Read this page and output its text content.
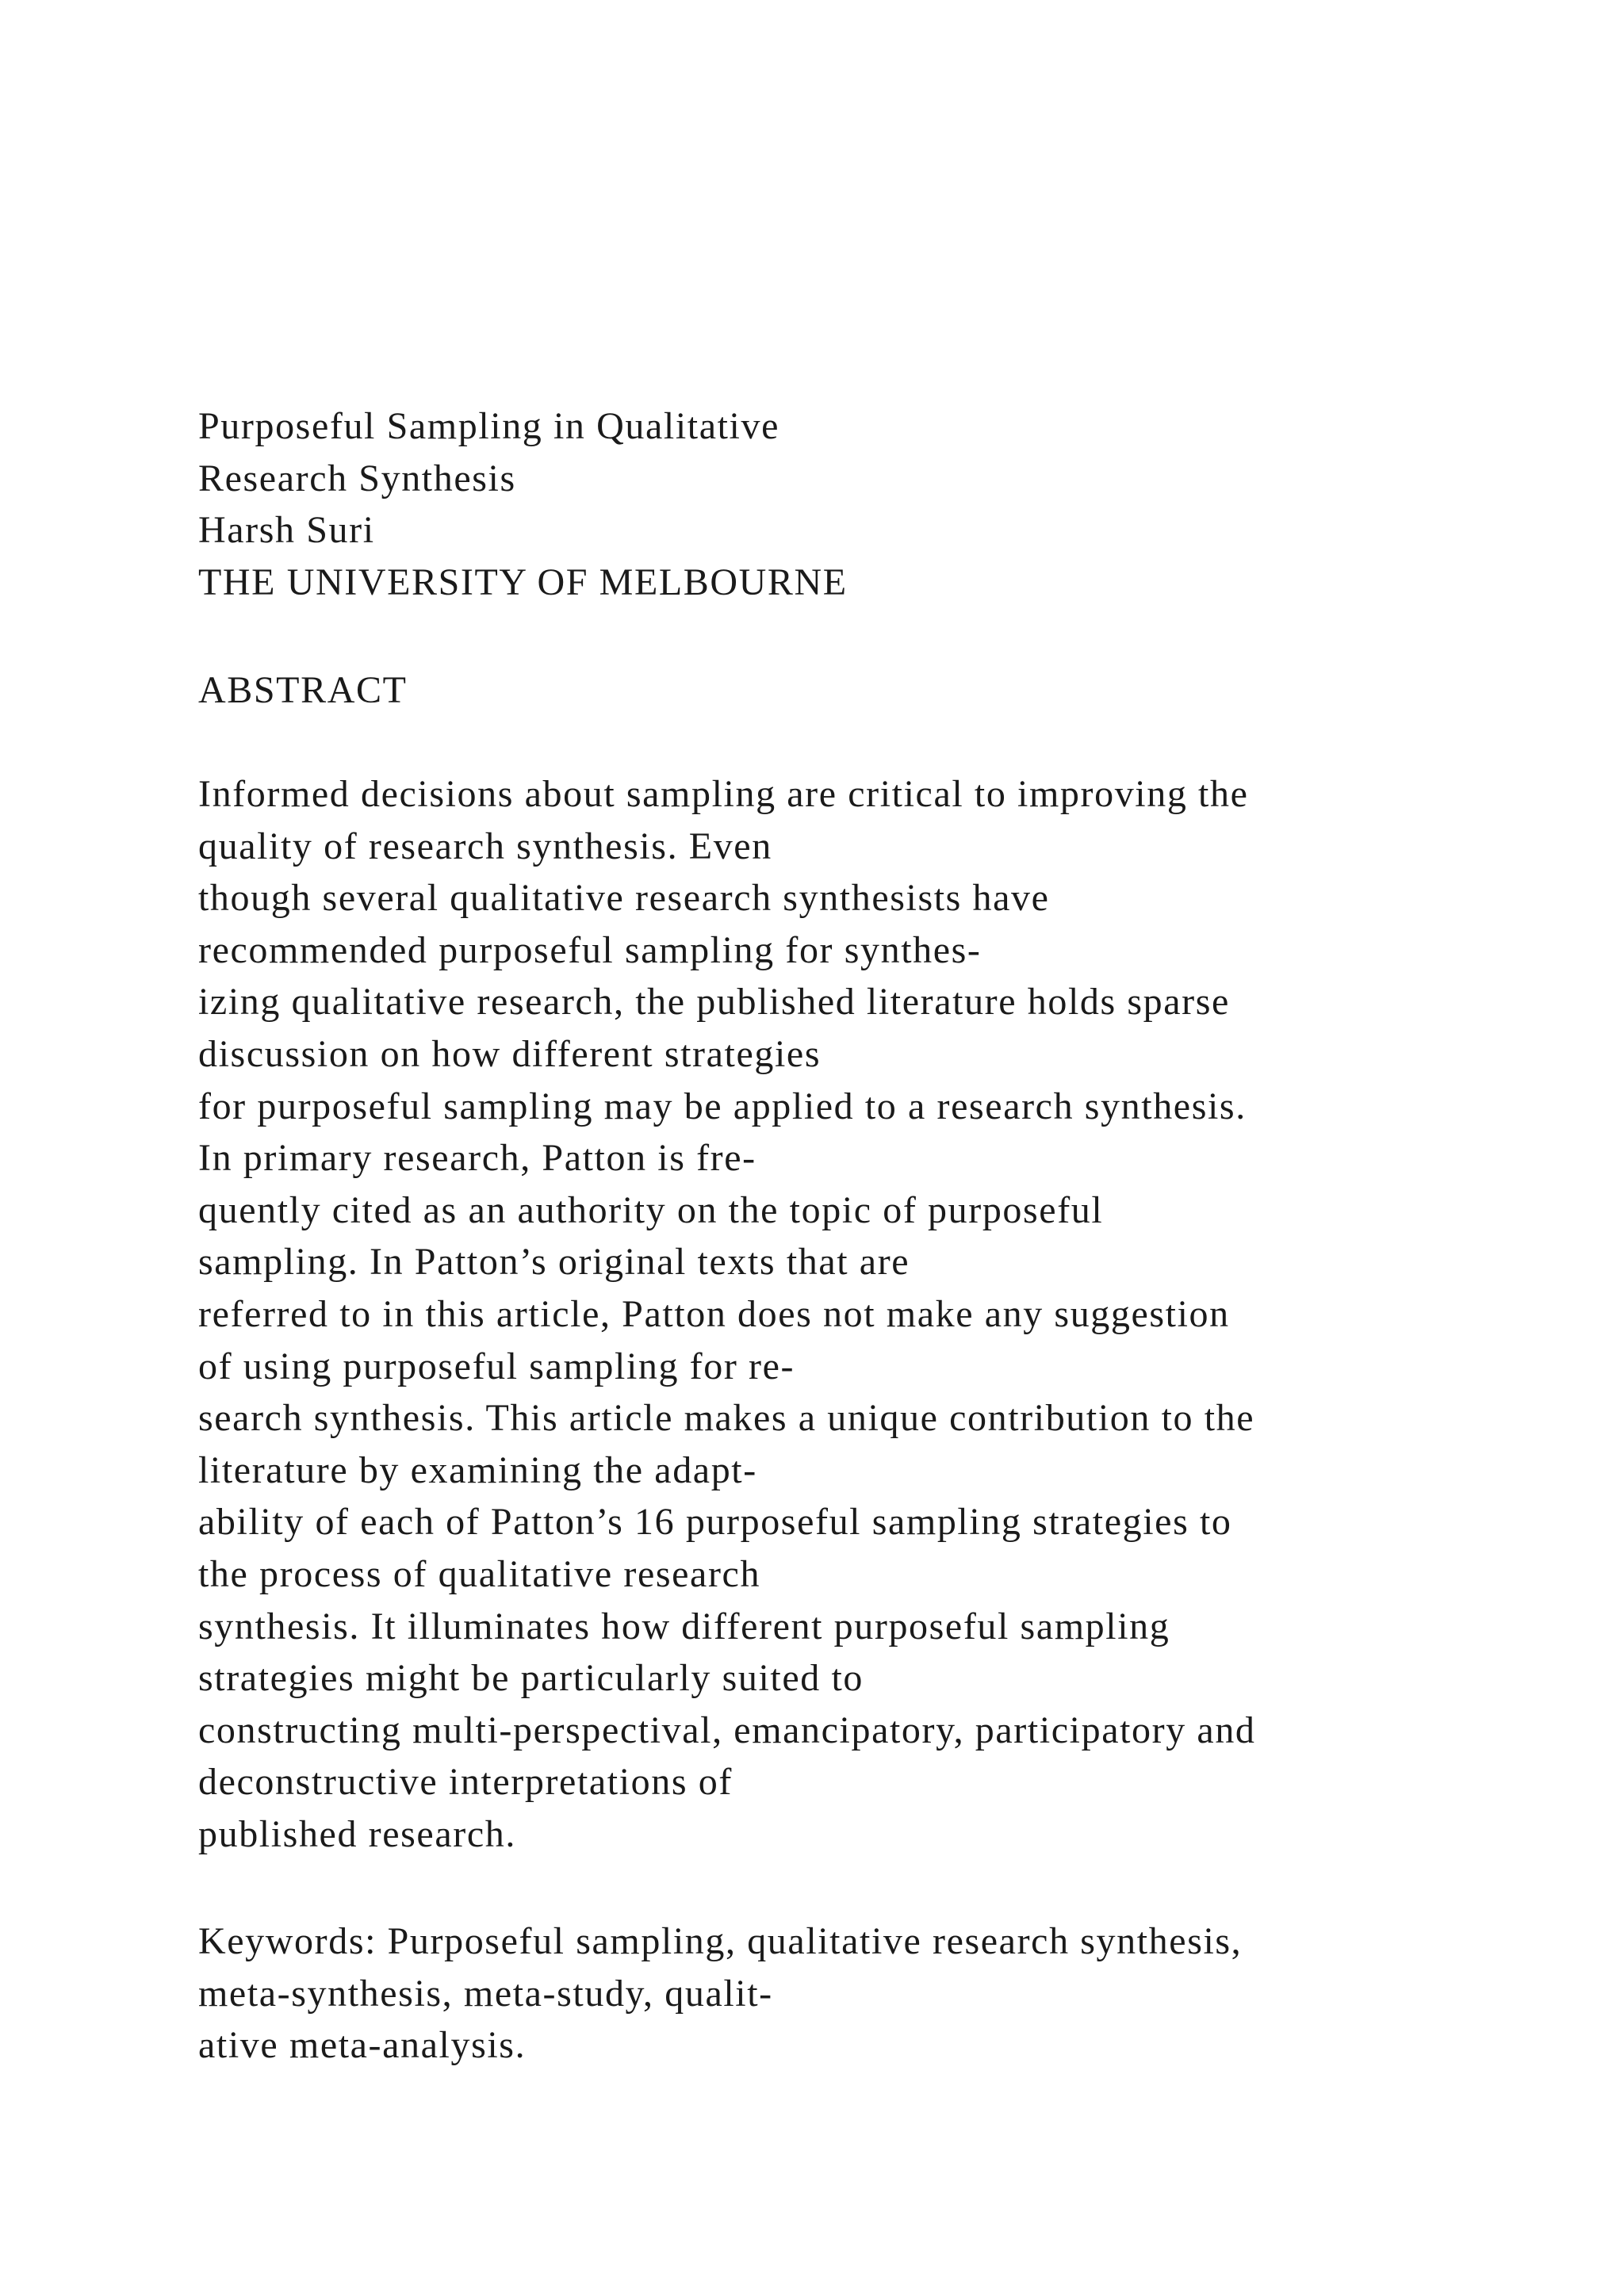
Purposeful Sampling in Qualitative
Research Synthesis
Harsh Suri
THE UNIVERSITY OF MELBOURNE
ABSTRACT
Informed decisions about sampling are critical to improving the
quality of research synthesis. Even
though several qualitative research synthesists have
recommended purposeful sampling for synthes-
izing qualitative research, the published literature holds sparse
discussion on how different strategies
for purposeful sampling may be applied to a research synthesis.
In primary research, Patton is fre-
quently cited as an authority on the topic of purposeful
sampling. In Patton’s original texts that are
referred to in this article, Patton does not make any suggestion
of using purposeful sampling for re-
search synthesis. This article makes a unique contribution to the
literature by examining the adapt-
ability of each of Patton’s 16 purposeful sampling strategies to
the process of qualitative research
synthesis. It illuminates how different purposeful sampling
strategies might be particularly suited to
constructing multi-perspectival, emancipatory, participatory and
deconstructive interpretations of
published research.
Keywords: Purposeful sampling, qualitative research synthesis,
meta-synthesis, meta-study, qualit-
ative meta-analysis.
